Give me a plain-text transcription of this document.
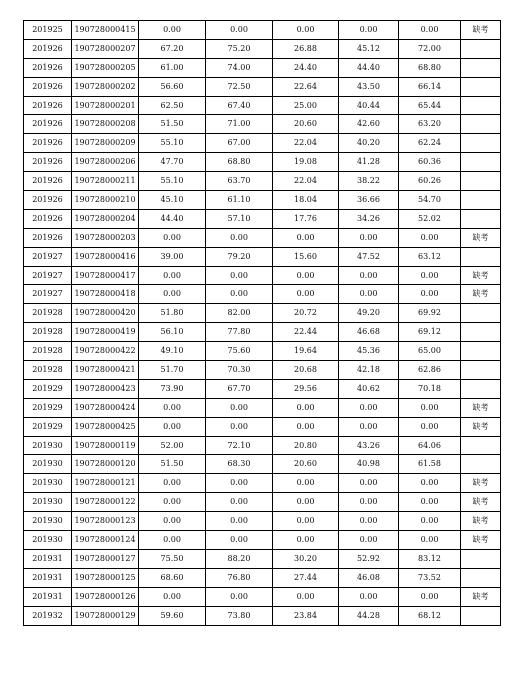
201925	190728000415	0.00	0.00	0.00	0.00	0.00	缺考
201926	190728000207	67.20	75.20	26.88	45.12	72.00	
201926	190728000205	61.00	74.00	24.40	44.40	68.80	
201926	190728000202	56.60	72.50	22.64	43.50	66.14	
201926	190728000201	62.50	67.40	25.00	40.44	65.44	
201926	190728000208	51.50	71.00	20.60	42.60	63.20	
201926	190728000209	55.10	67.00	22.04	40.20	62.24	
201926	190728000206	47.70	68.80	19.08	41.28	60.36	
201926	190728000211	55.10	63.70	22.04	38.22	60.26	
201926	190728000210	45.10	61.10	18.04	36.66	54.70	
201926	190728000204	44.40	57.10	17.76	34.26	52.02	
201926	190728000203	0.00	0.00	0.00	0.00	0.00	缺考
201927	190728000416	39.00	79.20	15.60	47.52	63.12	
201927	190728000417	0.00	0.00	0.00	0.00	0.00	缺考
201927	190728000418	0.00	0.00	0.00	0.00	0.00	缺考
201928	190728000420	51.80	82.00	20.72	49.20	69.92	
201928	190728000419	56.10	77.80	22.44	46.68	69.12	
201928	190728000422	49.10	75.60	19.64	45.36	65.00	
201928	190728000421	51.70	70.30	20.68	42.18	62.86	
201929	190728000423	73.90	67.70	29.56	40.62	70.18	
201929	190728000424	0.00	0.00	0.00	0.00	0.00	缺考
201929	190728000425	0.00	0.00	0.00	0.00	0.00	缺考
201930	190728000119	52.00	72.10	20.80	43.26	64.06	
201930	190728000120	51.50	68.30	20.60	40.98	61.58	
201930	190728000121	0.00	0.00	0.00	0.00	0.00	缺考
201930	190728000122	0.00	0.00	0.00	0.00	0.00	缺考
201930	190728000123	0.00	0.00	0.00	0.00	0.00	缺考
201930	190728000124	0.00	0.00	0.00	0.00	0.00	缺考
201931	190728000127	75.50	88.20	30.20	52.92	83.12	
201931	190728000125	68.60	76.80	27.44	46.08	73.52	
201931	190728000126	0.00	0.00	0.00	0.00	0.00	缺考
201932	190728000129	59.60	73.80	23.84	44.28	68.12	
